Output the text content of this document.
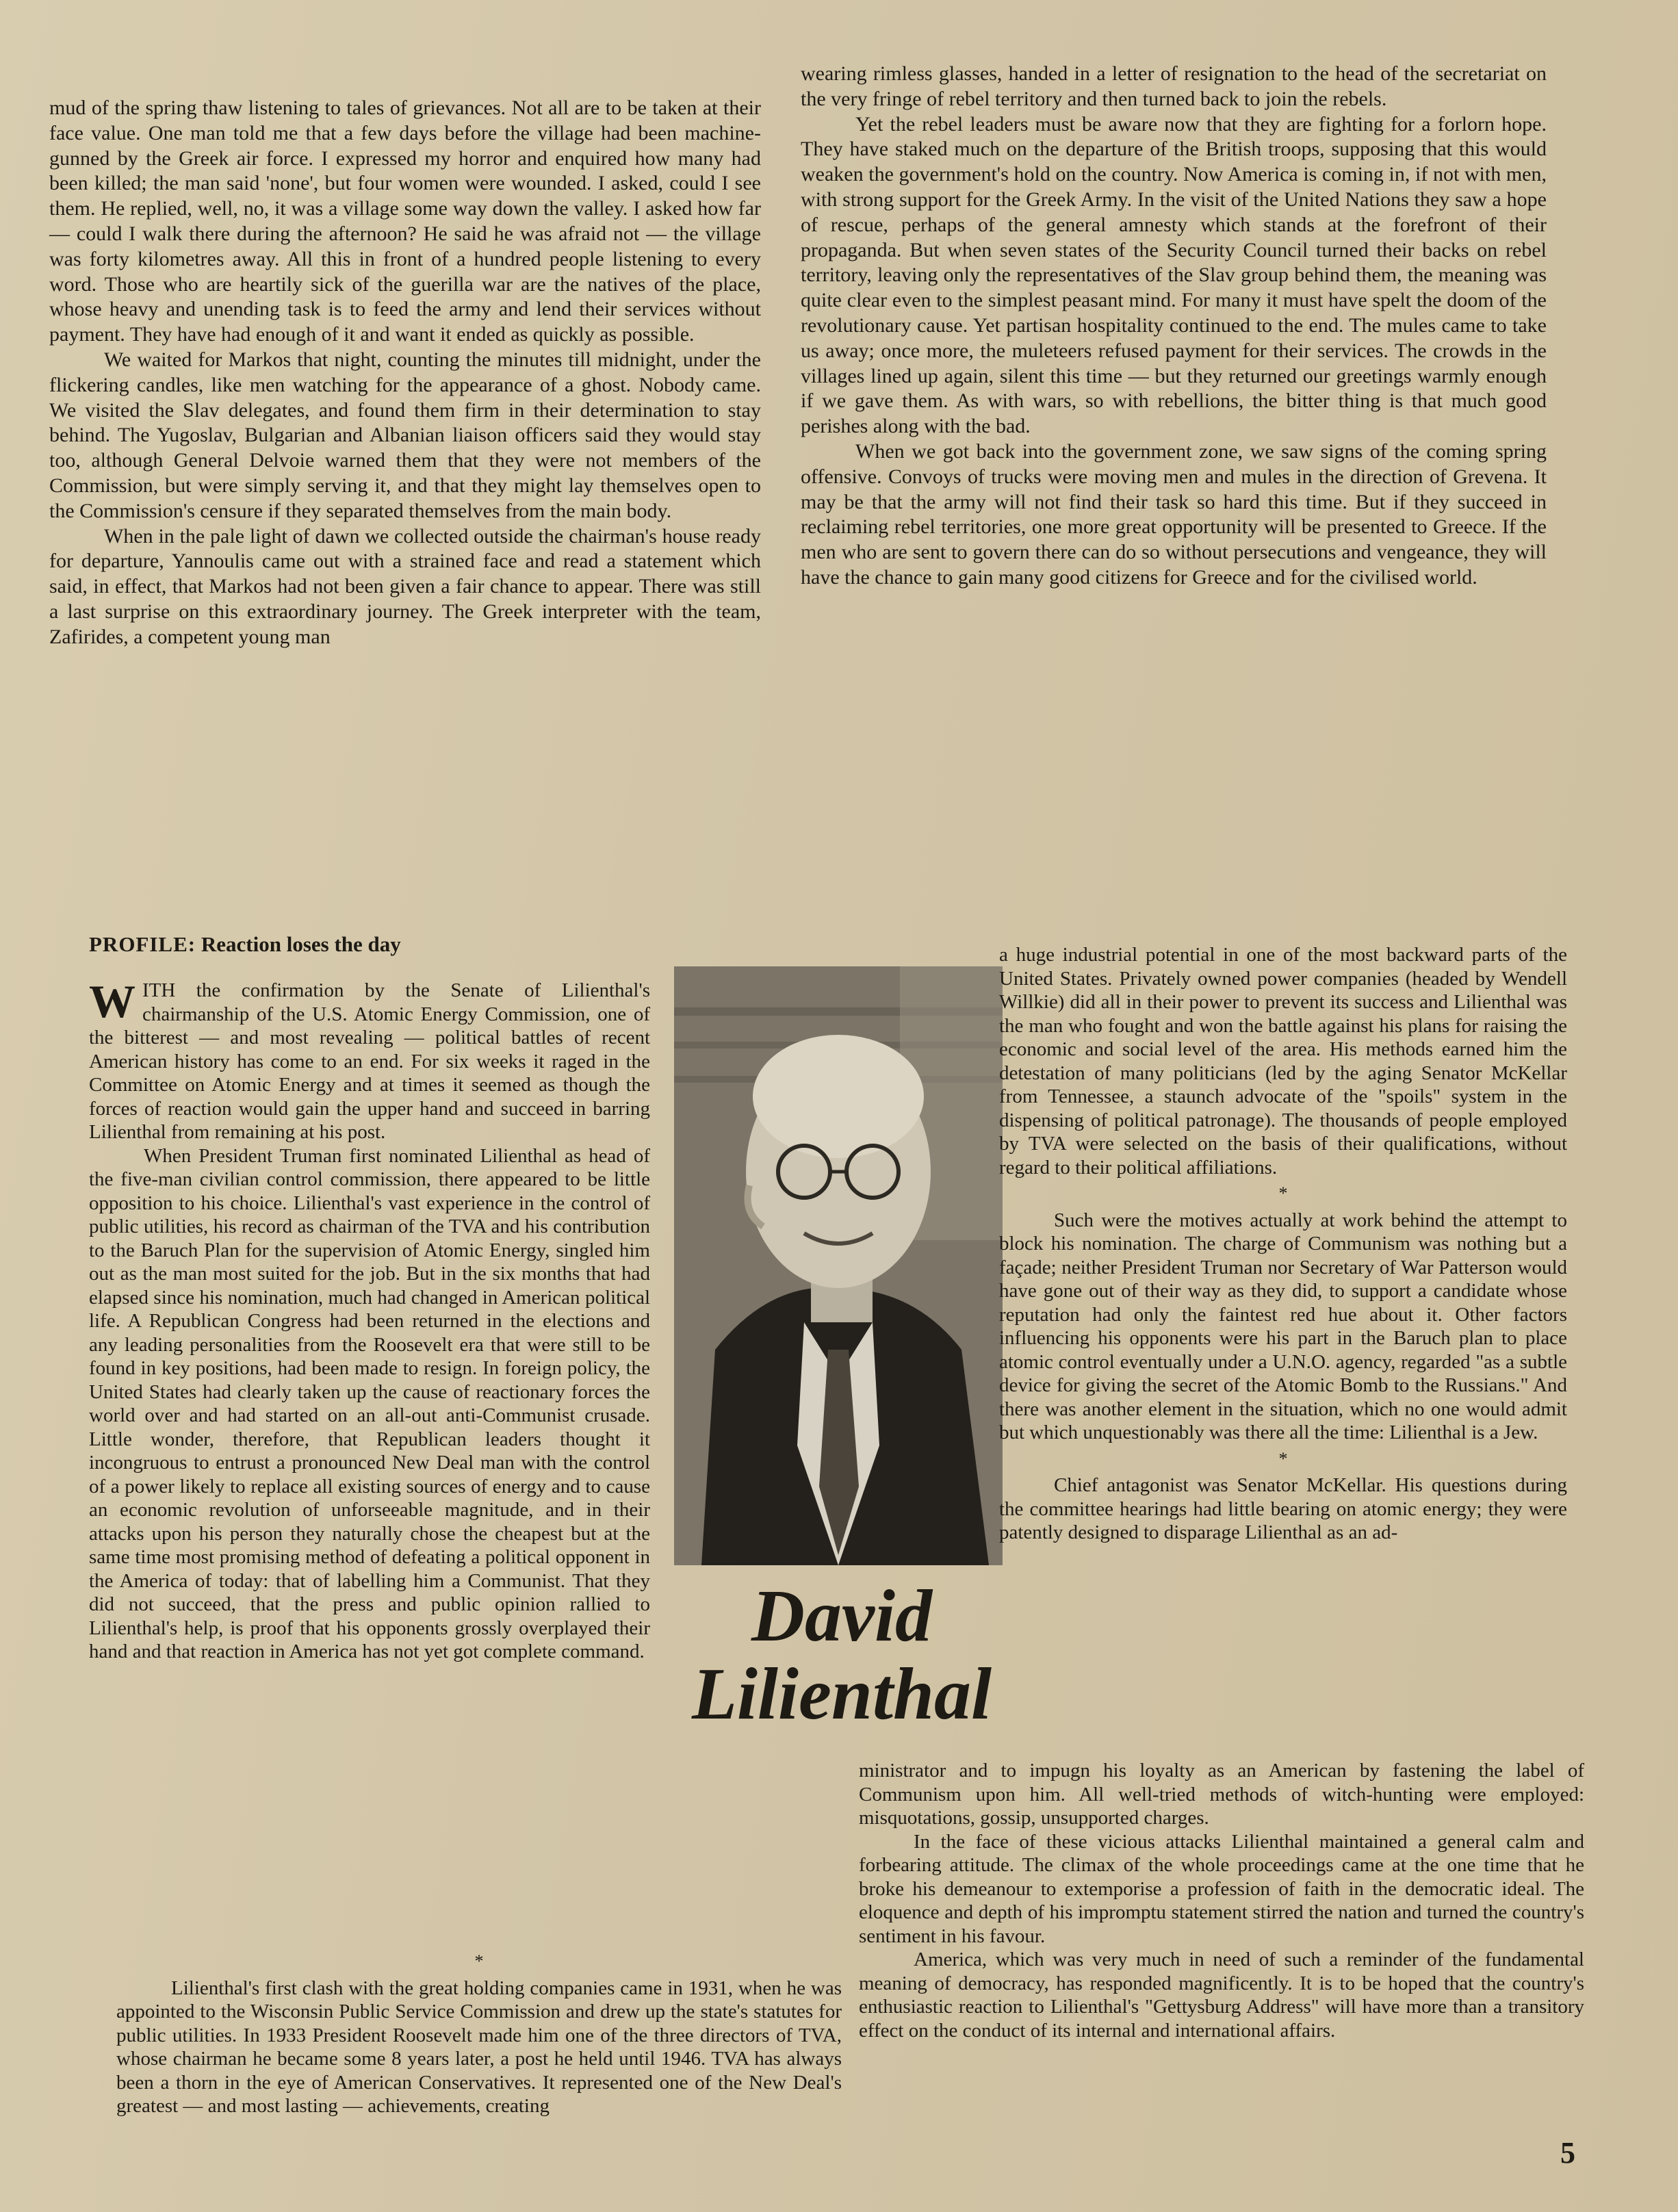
mud of the spring thaw listening to tales of grievances. Not all are to be taken at their face value. One man told me that a few days before the village had been machine-gunned by the Greek air force. I expressed my horror and enquired how many had been killed; the man said 'none', but four women were wounded. I asked, could I see them. He replied, well, no, it was a village some way down the valley. I asked how far — could I walk there during the afternoon? He said he was afraid not — the village was forty kilometres away. All this in front of a hundred people listening to every word. Those who are heartily sick of the guerilla war are the natives of the place, whose heavy and unending task is to feed the army and lend their services without payment. They have had enough of it and want it ended as quickly as possible.

We waited for Markos that night, counting the minutes till midnight, under the flickering candles, like men watching for the appearance of a ghost. Nobody came. We visited the Slav delegates, and found them firm in their determination to stay behind. The Yugoslav, Bulgarian and Albanian liaison officers said they would stay too, although General Delvoie warned them that they were not members of the Commission, but were simply serving it, and that they might lay themselves open to the Commission's censure if they separated themselves from the main body.

When in the pale light of dawn we collected outside the chairman's house ready for departure, Yannoulis came out with a strained face and read a statement which said, in effect, that Markos had not been given a fair chance to appear. There was still a last surprise on this extraordinary journey. The Greek interpreter with the team, Zafirides, a competent young man

wearing rimless glasses, handed in a letter of resignation to the head of the secretariat on the very fringe of rebel territory and then turned back to join the rebels.

Yet the rebel leaders must be aware now that they are fighting for a forlorn hope. They have staked much on the departure of the British troops, supposing that this would weaken the government's hold on the country. Now America is coming in, if not with men, with strong support for the Greek Army. In the visit of the United Nations they saw a hope of rescue, perhaps of the general amnesty which stands at the forefront of their propaganda. But when seven states of the Security Council turned their backs on rebel territory, leaving only the representatives of the Slav group behind them, the meaning was quite clear even to the simplest peasant mind. For many it must have spelt the doom of the revolutionary cause. Yet partisan hospitality continued to the end. The mules came to take us away; once more, the muleteers refused payment for their services. The crowds in the villages lined up again, silent this time — but they returned our greetings warmly enough if we gave them. As with wars, so with rebellions, the bitter thing is that much good perishes along with the bad.

When we got back into the government zone, we saw signs of the coming spring offensive. Convoys of trucks were moving men and mules in the direction of Grevena. It may be that the army will not find their task so hard this time. But if they succeed in reclaiming rebel territories, one more great opportunity will be presented to Greece. If the men who are sent to govern there can do so without persecutions and vengeance, they will have the chance to gain many good citizens for Greece and for the civilised world.

PROFILE: Reaction loses the day

WITH the confirmation by the Senate of Lilienthal's chairmanship of the U.S. Atomic Energy Commission, one of the bitterest — and most revealing — political battles of recent American history has come to an end. For six weeks it raged in the Committee on Atomic Energy and at times it seemed as though the forces of reaction would gain the upper hand and succeed in barring Lilienthal from remaining at his post.

When President Truman first nominated Lilienthal as head of the five-man civilian control commission, there appeared to be little opposition to his choice. Lilienthal's vast experience in the control of public utilities, his record as chairman of the TVA and his contribution to the Baruch Plan for the supervision of Atomic Energy, singled him out as the man most suited for the job. But in the six months that had elapsed since his nomination, much had changed in American political life. A Republican Congress had been returned in the elections and any leading personalities from the Roosevelt era that were still to be found in key positions, had been made to resign. In foreign policy, the United States had clearly taken up the cause of reactionary forces the world over and had started on an all-out anti-Communist crusade. Little wonder, therefore, that Republican leaders thought it incongruous to entrust a pronounced New Deal man with the control of a power likely to replace all existing sources of energy and to cause an economic revolution of unforseeable magnitude, and in their attacks upon his person they naturally chose the cheapest but at the same time most promising method of defeating a political opponent in the America of today: that of labelling him a Communist. That they did not succeed, that the press and public opinion rallied to Lilienthal's help, is proof that his opponents grossly overplayed their hand and that reaction in America has not yet got complete command.	David
Lilienthal

a huge industrial potential in one of the most backward parts of the United States. Privately owned power companies (headed by Wendell Willkie) did all in their power to prevent its success and Lilienthal was the man who fought and won the battle against his plans for raising the economic and social level of the area. His methods earned him the detestation of many politicians (led by the aging Senator McKellar from Tennessee, a staunch advocate of the "spoils" system in the dispensing of political patronage). The thousands of people employed by TVA were selected on the basis of their qualifications, without regard to their political affiliations.

*

Such were the motives actually at work behind the attempt to block his nomination. The charge of Communism was nothing but a façade; neither President Truman nor Secretary of War Patterson would have gone out of their way as they did, to support a candidate whose reputation had only the faintest red hue about it. Other factors influencing his opponents were his part in the Baruch plan to place atomic control eventually under a U.N.O. agency, regarded "as a subtle device for giving the secret of the Atomic Bomb to the Russians." And there was another element in the situation, which no one would admit but which unquestionably was there all the time: Lilienthal is a Jew.

*

Chief antagonist was Senator McKellar. His questions during the committee hearings had little bearing on atomic energy; they were patently designed to disparage Lilienthal as an ad-

*

Lilienthal's first clash with the great holding companies came in 1931, when he was appointed to the Wisconsin Public Service Commission and drew up the state's statutes for public utilities. In 1933 President Roosevelt made him one of the three directors of TVA, whose chairman he became some 8 years later, a post he held until 1946. TVA has always been a thorn in the eye of American Conservatives. It represented one of the New Deal's greatest — and most lasting — achievements, creating

ministrator and to impugn his loyalty as an American by fastening the label of Communism upon him. All well-tried methods of witch-hunting were employed: misquotations, gossip, unsupported charges.

In the face of these vicious attacks Lilienthal maintained a general calm and forbearing attitude. The climax of the whole proceedings came at the one time that he broke his demeanour to extemporise a profession of faith in the democratic ideal. The eloquence and depth of his impromptu statement stirred the nation and turned the country's sentiment in his favour.

America, which was very much in need of such a reminder of the fundamental meaning of democracy, has responded magnificently. It is to be hoped that the country's enthusiastic reaction to Lilienthal's "Gettysburg Address" will have more than a transitory effect on the conduct of its internal and international affairs.

5
